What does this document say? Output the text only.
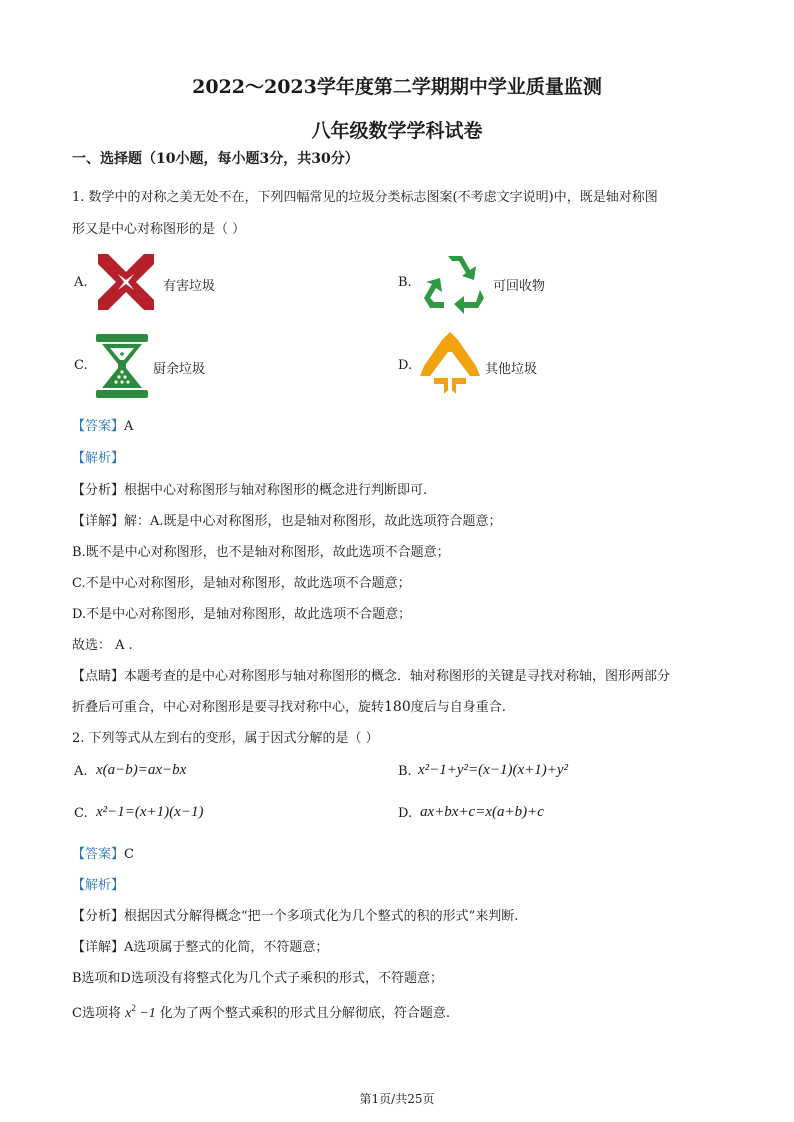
2022～2023学年度第二学期期中学业质量监测
八年级数学学科试卷
一、选择题（10小题，每小题3分，共30分）
1. 数学中的对称之美无处不在，下列四幅常见的垃圾分类标志图案(不考虑文字说明)中，既是轴对称图
形又是中心对称图形的是（ ）
A.	有害垃圾	B.	可回收物
C.	厨余垃圾	D.	其他垃圾
【答案】A
【解析】
【分析】根据中心对称图形与轴对称图形的概念进行判断即可.
【详解】解：A.既是中心对称图形，也是轴对称图形，故此选项符合题意；
B.既不是中心对称图形，也不是轴对称图形，故此选项不合题意；
C.不是中心对称图形，是轴对称图形，故此选项不合题意；
D.不是中心对称图形，是轴对称图形，故此选项不合题意；
故选： A .
【点睛】本题考查的是中心对称图形与轴对称图形的概念．轴对称图形的关键是寻找对称轴，图形两部分
折叠后可重合，中心对称图形是要寻找对称中心，旋转180度后与自身重合.
2. 下列等式从左到右的变形，属于因式分解的是（ ）
A. x(a−b)=ax−bx	B. x²−1+y²=(x−1)(x+1)+y²
C. x²−1=(x+1)(x−1)	D. ax+bx+c=x(a+b)+c
【答案】C
【解析】
【分析】根据因式分解得概念“把一个多项式化为几个整式的积的形式”来判断.
【详解】A选项属于整式的化简，不符题意；
B选项和D选项没有将整式化为几个式子乘积的形式，不符题意；
C选项将 $x^2 -1$ 化为了两个整式乘积的形式且分解彻底，符合题意.
第1页/共25页
